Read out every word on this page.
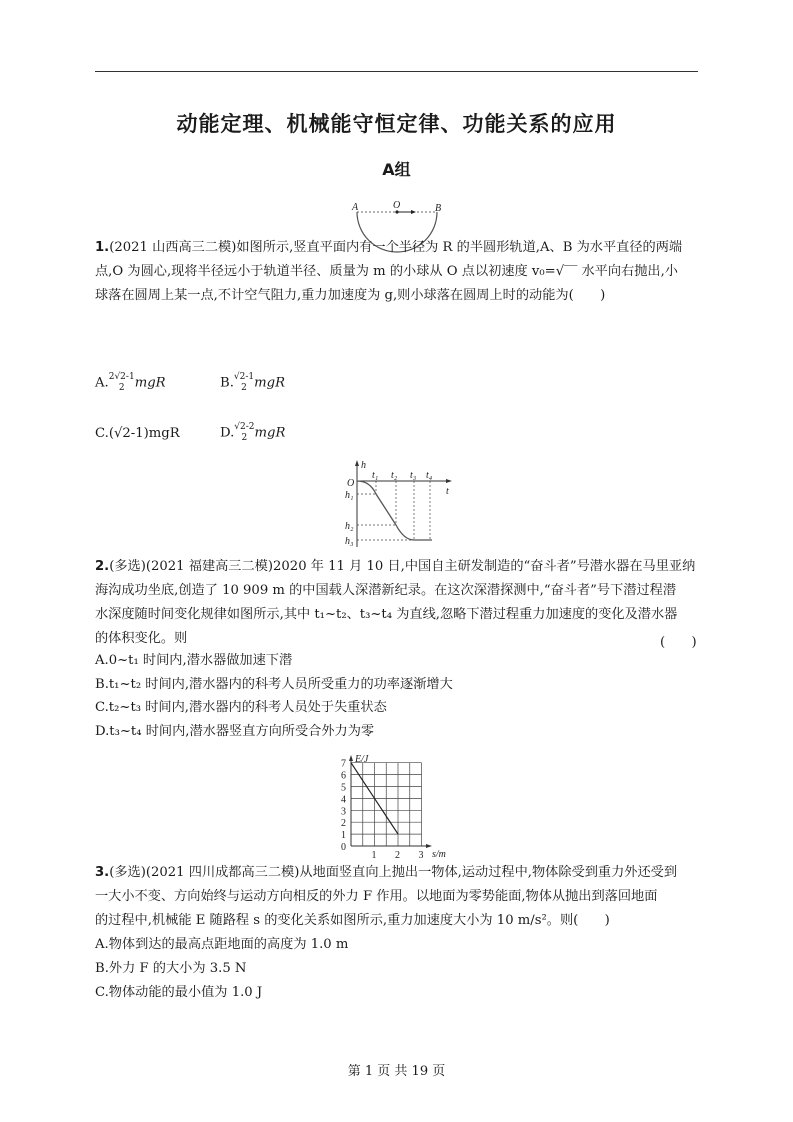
动能定理、机械能守恒定律、功能关系的应用
A组
A	O	B
1.(2021 山西高三二模)如图所示,竖直平面内有一个半径为 R 的半圆形轨道,A、B 为水平直径的两端
点,O 为圆心,现将半径远小于轨道半径、质量为 m 的小球从 O 点以初速度 v₀=√‾‾ 水平向右抛出,小
球落在圆周上某一点,不计空气阻力,重力加速度为 g,则小球落在圆周上时的动能为(　　)
A.2√2-1
2 mgR	B.√2-1
2 mgR
C.(√2-1)mgR	D.√2-2
2 mgR
h
t
O
t₁ t₂ t₃ t₄
h₁
h₂
h₃
2.(多选)(2021 福建高三二模)2020 年 11 月 10 日,中国自主研发制造的“奋斗者”号潜水器在马里亚纳
海沟成功坐底,创造了 10 909 m 的中国载人深潜新纪录。在这次深潜探测中,“奋斗者”号下潜过程潜
水深度随时间变化规律如图所示,其中 t₁~t₂、t₃~t₄ 为直线,忽略下潜过程重力加速度的变化及潜水器
的体积变化。则	(　　)
A.0~t₁ 时间内,潜水器做加速下潜
B.t₁~t₂ 时间内,潜水器内的科考人员所受重力的功率逐渐增大
C.t₂~t₃ 时间内,潜水器内的科考人员处于失重状态
D.t₃~t₄ 时间内,潜水器竖直方向所受合外力为零
0
1
2
3
4
5
6
7
1 2 3
E/J
s/m
3.(多选)(2021 四川成都高三二模)从地面竖直向上抛出一物体,运动过程中,物体除受到重力外还受到
一大小不变、方向始终与运动方向相反的外力 F 作用。以地面为零势能面,物体从抛出到落回地面
的过程中,机械能 E 随路程 s 的变化关系如图所示,重力加速度大小为 10 m/s²。则(　　)
A.物体到达的最高点距地面的高度为 1.0 m
B.外力 F 的大小为 3.5 N
C.物体动能的最小值为 1.0 J
第 1 页 共 19 页
